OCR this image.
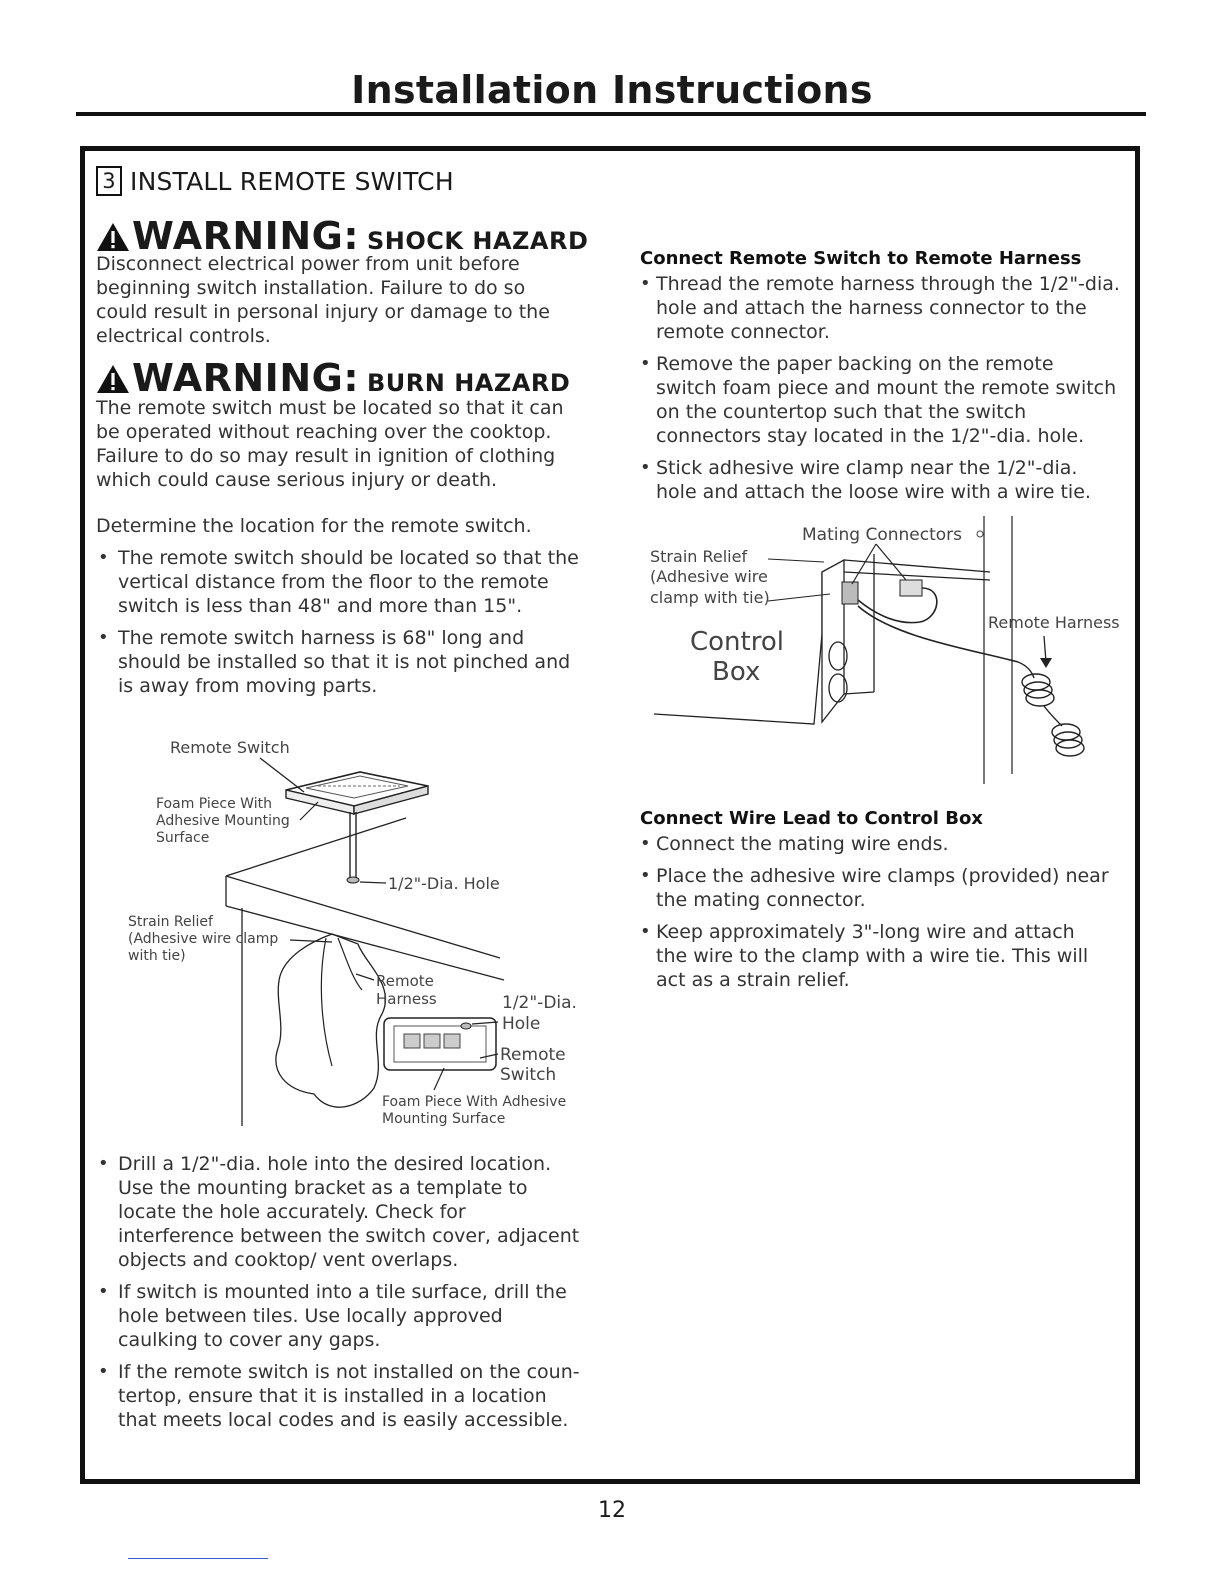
Installation Instructions
3 INSTALL REMOTE SWITCH
WARNING: SHOCK HAZARD

Disconnect electrical power from unit before beginning switch installation. Failure to do so could result in personal injury or damage to the electrical controls.

WARNING: BURN HAZARD

The remote switch must be located so that it can be operated without reaching over the cooktop. Failure to do so may result in ignition of clothing which could cause serious injury or death.

Determine the location for the remote switch.

• The remote switch should be located so that the vertical distance from the floor to the remote switch is less than 48" and more than 15".
• The remote switch harness is 68" long and should be installed so that it is not pinched and is away from moving parts.
Remote Switch
Foam Piece With
Adhesive Mounting
Surface
1/2"-Dia. Hole
Strain Relief
(Adhesive wire clamp
with tie)
Remote
Harness	1/2"-Dia.
Hole
Remote
Switch
Foam Piece With Adhesive
Mounting Surface
• Drill a 1/2"-dia. hole into the desired location. Use the mounting bracket as a template to locate the hole accurately. Check for interference between the switch cover, adjacent objects and cooktop/ vent overlaps.
• If switch is mounted into a tile surface, drill the hole between tiles. Use locally approved caulking to cover any gaps.
• If the remote switch is not installed on the coun- tertop, ensure that it is installed in a location that meets local codes and is easily accessible.

Connect Remote Switch to Remote Harness

• Thread the remote harness through the 1/2"-dia. hole and attach the harness connector to the remote connector.
• Remove the paper backing on the remote switch foam piece and mount the remote switch on the countertop such that the switch connectors stay located in the 1/2"-dia. hole.
• Stick adhesive wire clamp near the 1/2"-dia. hole and attach the loose wire with a wire tie.
Mating Connectors
Strain Relief
(Adhesive wire
clamp with tie)
Control
Box
Remote Harness

Connect Wire Lead to Control Box

• Connect the mating wire ends.
• Place the adhesive wire clamps (provided) near the mating connector.
• Keep approximately 3"-long wire and attach the wire to the clamp with a wire tie. This will act as a strain relief.
12
